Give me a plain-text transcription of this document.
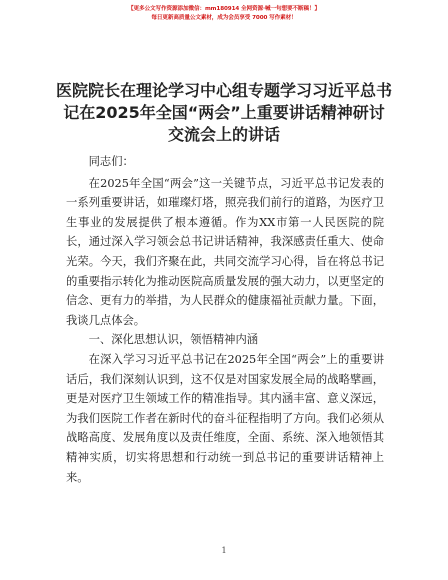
【更多公文写作资源添加微信：mm180914 全网资源·喊一句想要不断稿！】
每日更新高质量公文素材，成为会员享受 7000 写作素材！
医院院长在理论学习中心组专题学习习近平总书记在2025年全国“两会”上重要讲话精神研讨交流会上的讲话

同志们：

在2025年全国“两会”这一关键节点，习近平总书记发表的一系列重要讲话，如璀璨灯塔，照亮我们前行的道路，为医疗卫生事业的发展提供了根本遵循。作为XX市第一人民医院的院长，通过深入学习领会总书记讲话精神，我深感责任重大、使命光荣。今天，我们齐聚在此，共同交流学习心得，旨在将总书记的重要指示转化为推动医院高质量发展的强大动力，以更坚定的信念、更有力的举措，为人民群众的健康福祉贡献力量。下面，我谈几点体会。

一、深化思想认识，领悟精神内涵

在深入学习习近平总书记在2025年全国“两会”上的重要讲话后，我们深刻认识到，这不仅是对国家发展全局的战略擘画，更是对医疗卫生领域工作的精准指导。其内涵丰富、意义深远，为我们医院工作者在新时代的奋斗征程指明了方向。我们必须从战略高度、发展角度以及责任维度，全面、系统、深入地领悟其精神实质，切实将思想和行动统一到总书记的重要讲话精神上来。

1
